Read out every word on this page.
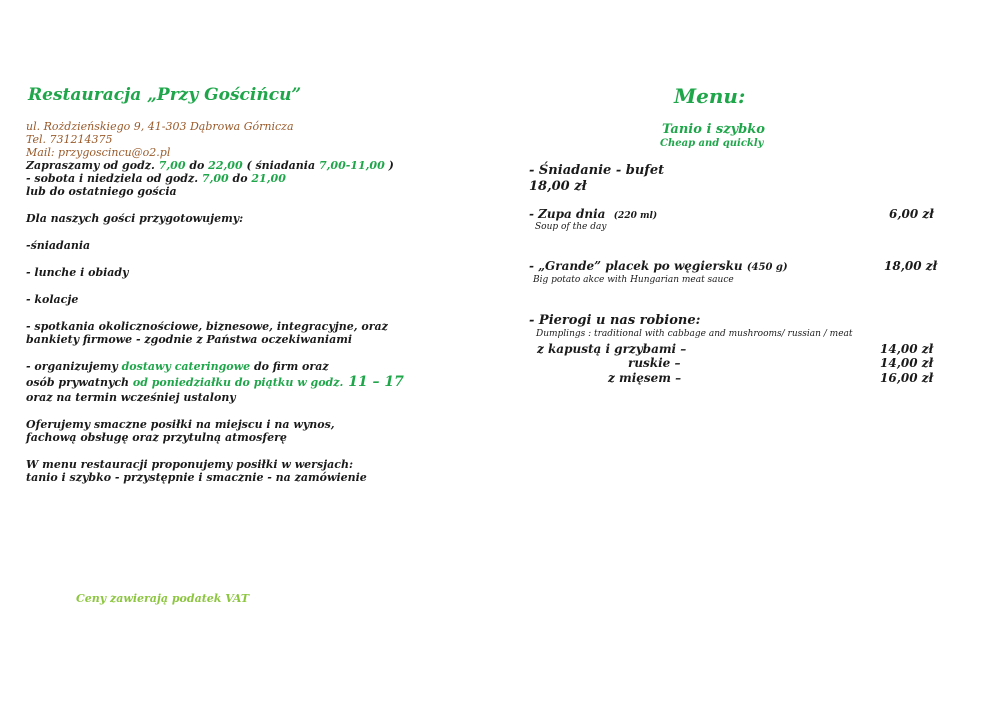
Restauracja „Przy Gościńcu”
ul. Rożdzieńskiego 9, 41-303 Dąbrowa Górnicza
Tel. 731214375
Mail: przygoscincu@o2.pl
Zapraszamy od godz. 7,00 do 22,00 ( śniadania 7,00-11,00 )
- sobota i niedziela od godz. 7,00 do 21,00
lub do ostatniego gościa
Dla naszych gości przygotowujemy:
-śniadania
- lunche i obiady
- kolacje
- spotkania okolicznościowe, biznesowe, integracyjne, oraz
bankiety firmowe - zgodnie z Państwa oczekiwaniami
- organizujemy dostawy cateringowe do firm oraz
osób prywatnych od poniedziałku do piątku w godz. 11 – 17
oraz na termin wcześniej ustalony
Oferujemy smaczne posiłki na miejscu i na wynos,
fachową obsługę oraz przytulną atmosferę
W menu restauracji proponujemy posiłki w wersjach:
tanio i szybko - przystępnie i smacznie - na zamówienie
Ceny zawierają podatek VAT
Menu:
Tanio i szybko
Cheap and quickly
- Śniadanie - bufet
18,00 zł
- Zupa dnia (220 ml)	6,00 zł
Soup of the day
- „Grande” placek po węgiersku (450 g)	18,00 zł
Big potato akce with Hungarian meat sauce
- Pierogi u nas robione:
Dumplings : traditional with cabbage and mushrooms/ russian / meat
z kapustą i grzybami –	14,00 zł
ruskie –	14,00 zł
z mięsem –	16,00 zł
